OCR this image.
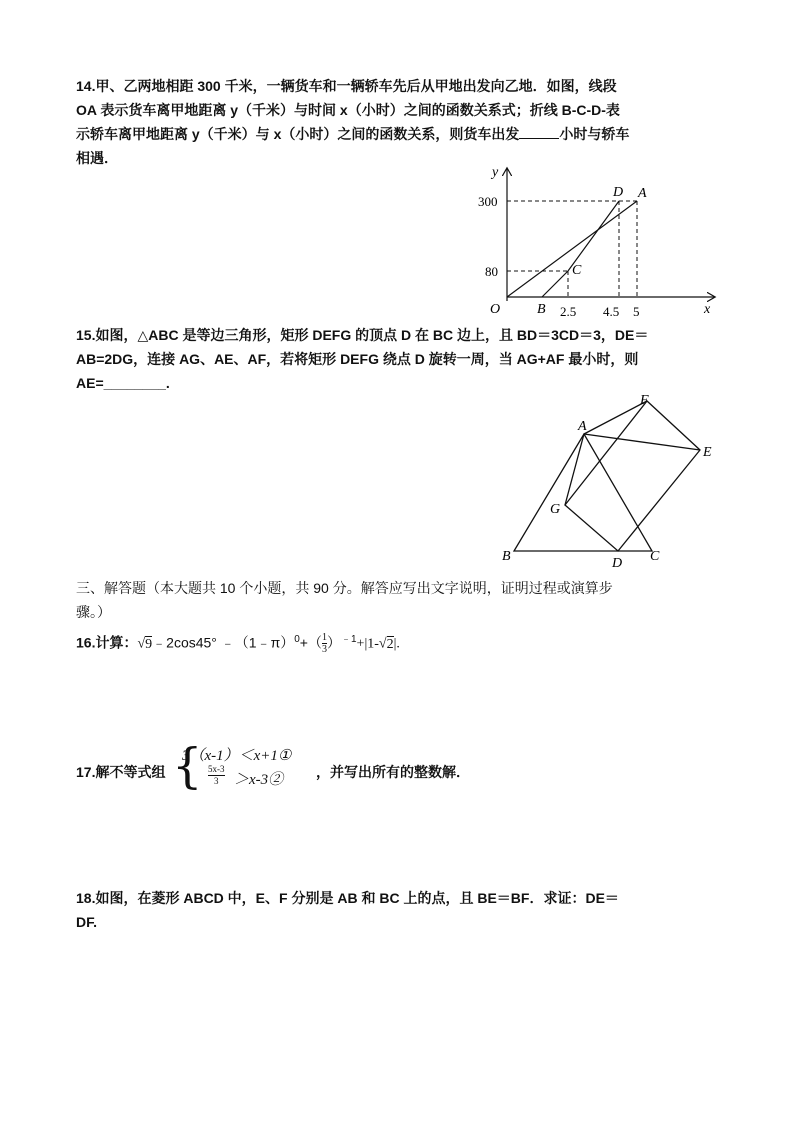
14.甲、乙两地相距 300 千米，一辆货车和一辆轿车先后从甲地出发向乙地．如图，线段
OA 表示货车离甲地距离 y（千米）与时间 x（小时）之间的函数关系式；折线 B-C-D-表
示轿车离甲地距离 y（千米）与 x（小时）之间的函数关系，则货车出发	小时与轿车
相遇．
y
x
300
80
O	B
C
D A
2.5 4.5 5
15.如图，△ABC 是等边三角形，矩形 DEFG 的顶点 D 在 BC 边上，且 BD＝3CD＝3，DE＝
AB=2DG，连接 AG、AE、AF，若将矩形 DEFG 绕点 D 旋转一周，当 AG+AF 最小时，则
AE=________.
A
B	C
D
E
F
G
三、解答题（本大题共 10 个小题，共 90 分。解答应写出文字说明，证明过程或演算步
骤。）
16.计算：√9﹣2cos45° ﹣（1﹣π）$^0$+（ $\frac{1}{3} )^{﹣1}+|1-√2|$.
17.解不等式组 {
3（x-1）＜x+1①
5x-3
3	＞x-3② ，并写出所有的整数解．
18.如图，在菱形 ABCD 中，E、F 分别是 AB 和 BC 上的点，且 BE＝BF．求证：DE＝
DF.
